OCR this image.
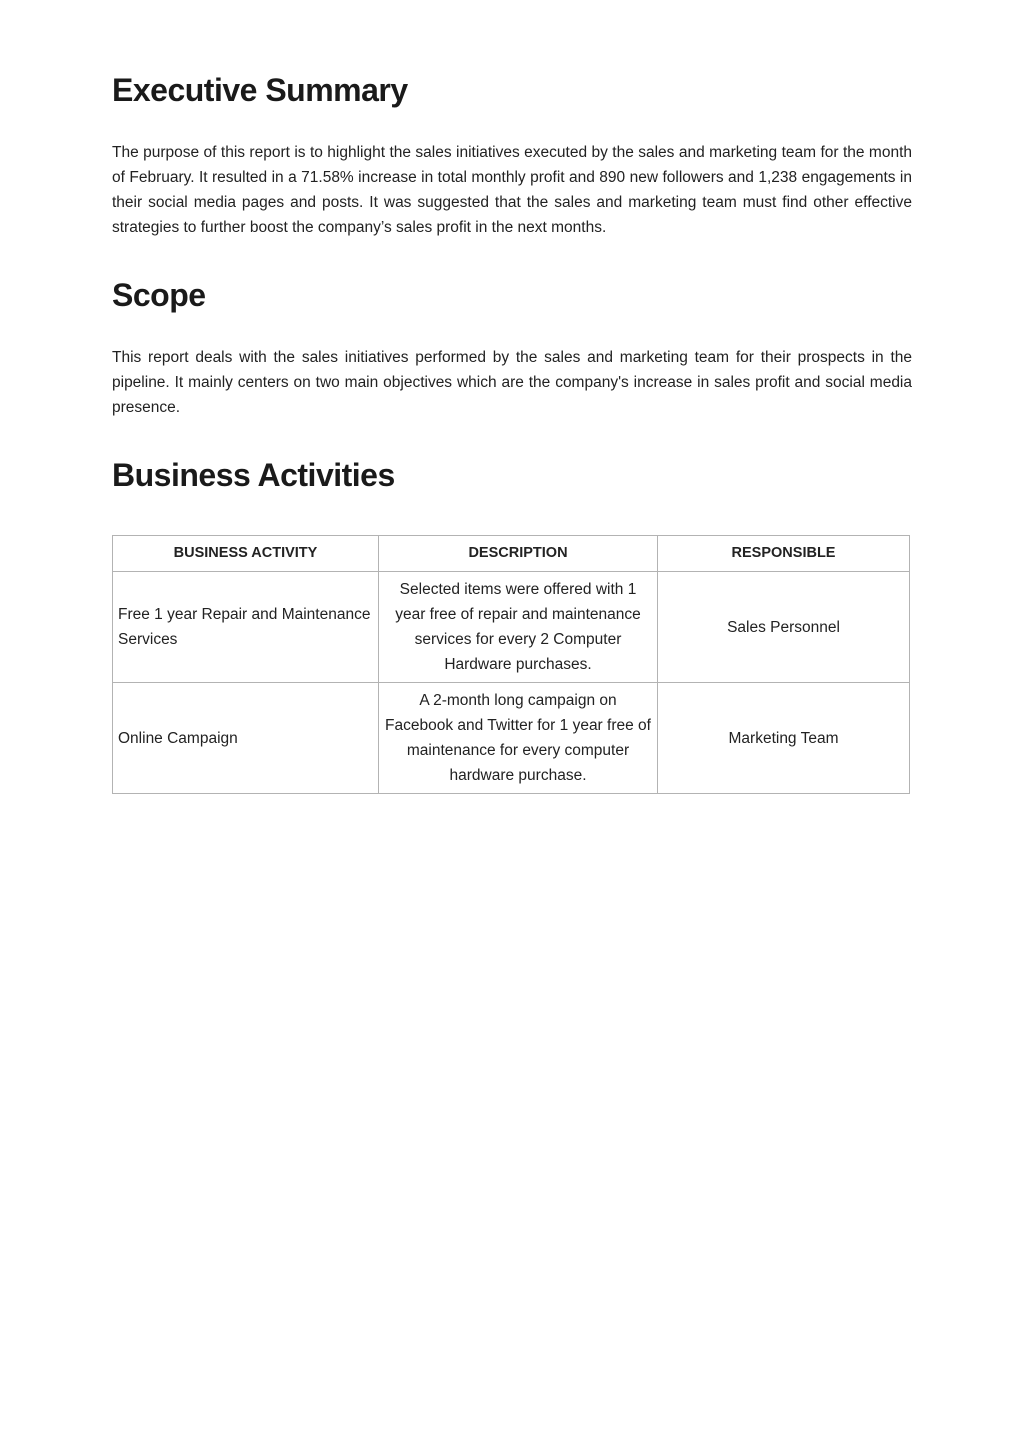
Executive Summary

The purpose of this report is to highlight the sales initiatives executed by the sales and marketing team for the month of February. It resulted in a 71.58% increase in total monthly profit and 890 new followers and 1,238 engagements in their social media pages and posts. It was suggested that the sales and marketing team must find other effective strategies to further boost the company’s sales profit in the next months.

Scope

This report deals with the sales initiatives performed by the sales and marketing team for their prospects in the pipeline. It mainly centers on two main objectives which are the company's increase in sales profit and social media presence.

Business Activities
BUSINESS ACTIVITY	DESCRIPTION	RESPONSIBLE
Free 1 year Repair and Maintenance Services	Selected items were offered with 1 year free of repair and maintenance services for every 2 Computer Hardware purchases.	Sales Personnel
Online Campaign	A 2-month long campaign on Facebook and Twitter for 1 year free of maintenance for every computer hardware purchase.	Marketing Team
